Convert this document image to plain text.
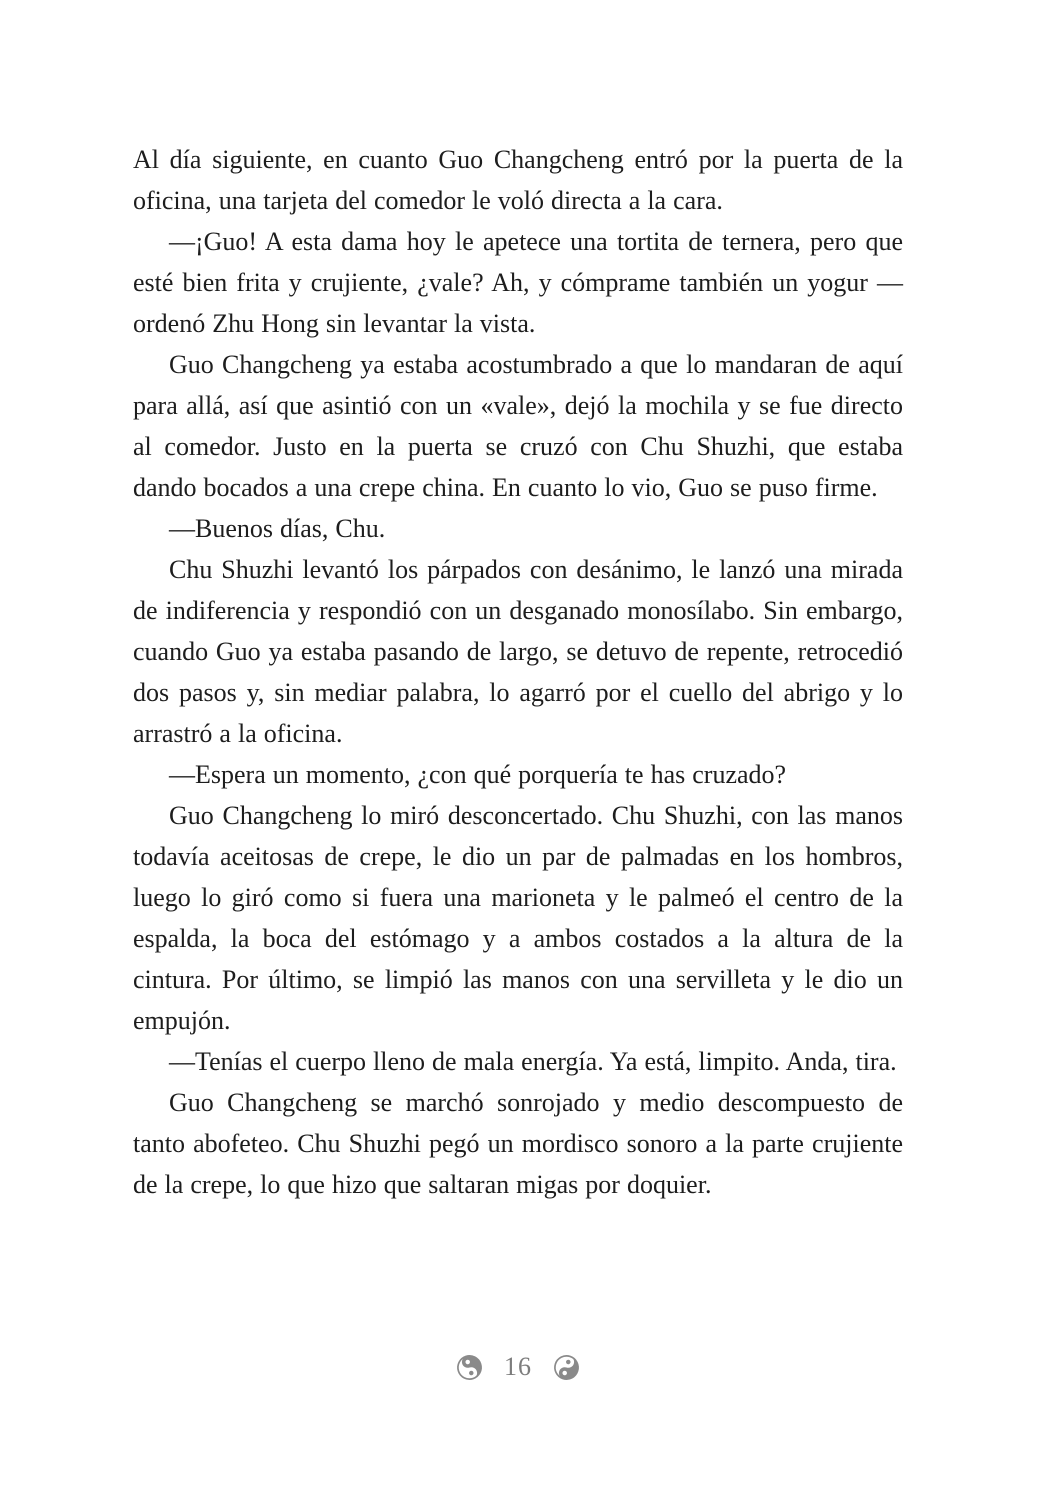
Al día siguiente, en cuanto Guo Changcheng entró por la puerta de la oficina, una tarjeta del comedor le voló directa a la cara.

—¡Guo! A esta dama hoy le apetece una tortita de ternera, pero que esté bien frita y crujiente, ¿vale? Ah, y cómprame también un yogur —ordenó Zhu Hong sin levantar la vista.

Guo Changcheng ya estaba acostumbrado a que lo mandaran de aquí para allá, así que asintió con un «vale», dejó la mochila y se fue directo al comedor. Justo en la puerta se cruzó con Chu Shuzhi, que estaba dando bocados a una crepe china. En cuanto lo vio, Guo se puso firme.

—Buenos días, Chu.

Chu Shuzhi levantó los párpados con desánimo, le lanzó una mirada de indiferencia y respondió con un desganado monosílabo. Sin embargo, cuando Guo ya estaba pasando de largo, se detuvo de repente, retrocedió dos pasos y, sin mediar palabra, lo agarró por el cuello del abrigo y lo arrastró a la oficina.

—Espera un momento, ¿con qué porquería te has cruzado?

Guo Changcheng lo miró desconcertado. Chu Shuzhi, con las manos todavía aceitosas de crepe, le dio un par de palmadas en los hombros, luego lo giró como si fuera una marioneta y le palmeó el centro de la espalda, la boca del estómago y a ambos costados a la altura de la cintura. Por último, se limpió las manos con una servilleta y le dio un empujón.

—Tenías el cuerpo lleno de mala energía. Ya está, limpito. Anda, tira.

Guo Changcheng se marchó sonrojado y medio descompuesto de tanto abofeteo. Chu Shuzhi pegó un mordisco sonoro a la parte crujiente de la crepe, lo que hizo que saltaran migas por doquier.

16
